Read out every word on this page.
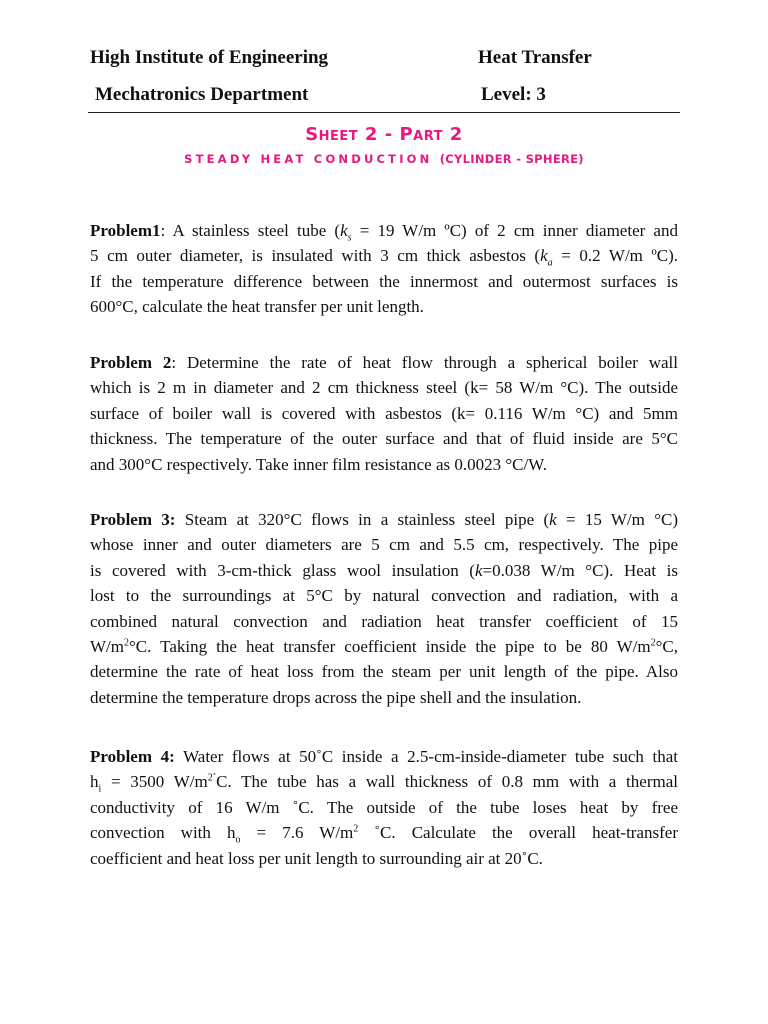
High Institute of Engineering	Heat Transfer
Mechatronics Department	Level: 3
Sheet 2 - Part 2
STEADY HEAT CONDUCTION (CYLINDER - SPHERE)
Problem1: A stainless steel tube ($k_s = 19$ W/m ºC) of 2 cm inner diameter and
5 cm outer diameter, is insulated with 3 cm thick asbestos ($k_a = 0.2$ W/m ºC).
If the temperature difference between the innermost and outermost surfaces is
600°C, calculate the heat transfer per unit length.
Problem 2: Determine the rate of heat flow through a spherical boiler wall
which is 2 m in diameter and 2 cm thickness steel (k= 58 W/m °C). The outside
surface of boiler wall is covered with asbestos (k= 0.116 W/m °C) and 5mm
thickness. The temperature of the outer surface and that of fluid inside are 5°C
and 300°C respectively. Take inner film resistance as 0.0023 °C/W.
Problem 3: Steam at 320°C flows in a stainless steel pipe (k = 15 W/m °C)
whose inner and outer diameters are 5 cm and 5.5 cm, respectively. The pipe
is covered with 3-cm-thick glass wool insulation (k=0.038 W/m °C). Heat is
lost to the surroundings at 5°C by natural convection and radiation, with a
combined natural convection and radiation heat transfer coefficient of 15
$W/m^2^\circ C$. Taking the heat transfer coefficient inside the pipe to be 80 $W/m^2^\circ C$,
determine the rate of heat loss from the steam per unit length of the pipe. Also
determine the temperature drops across the pipe shell and the insulation.
Problem 4: Water flows at 50˚C inside a 2.5-cm-inside-diameter tube such that
$h_i = 3500$ $W/m^{2˚}C$. The tube has a wall thickness of 0.8 mm with a thermal
conductivity of 16 W/m ˚C. The outside of the tube loses heat by free
convection with $h_o = 7.6$ $W/m^2$ ˚C. Calculate the overall heat-transfer
coefficient and heat loss per unit length to surrounding air at 20˚C.
